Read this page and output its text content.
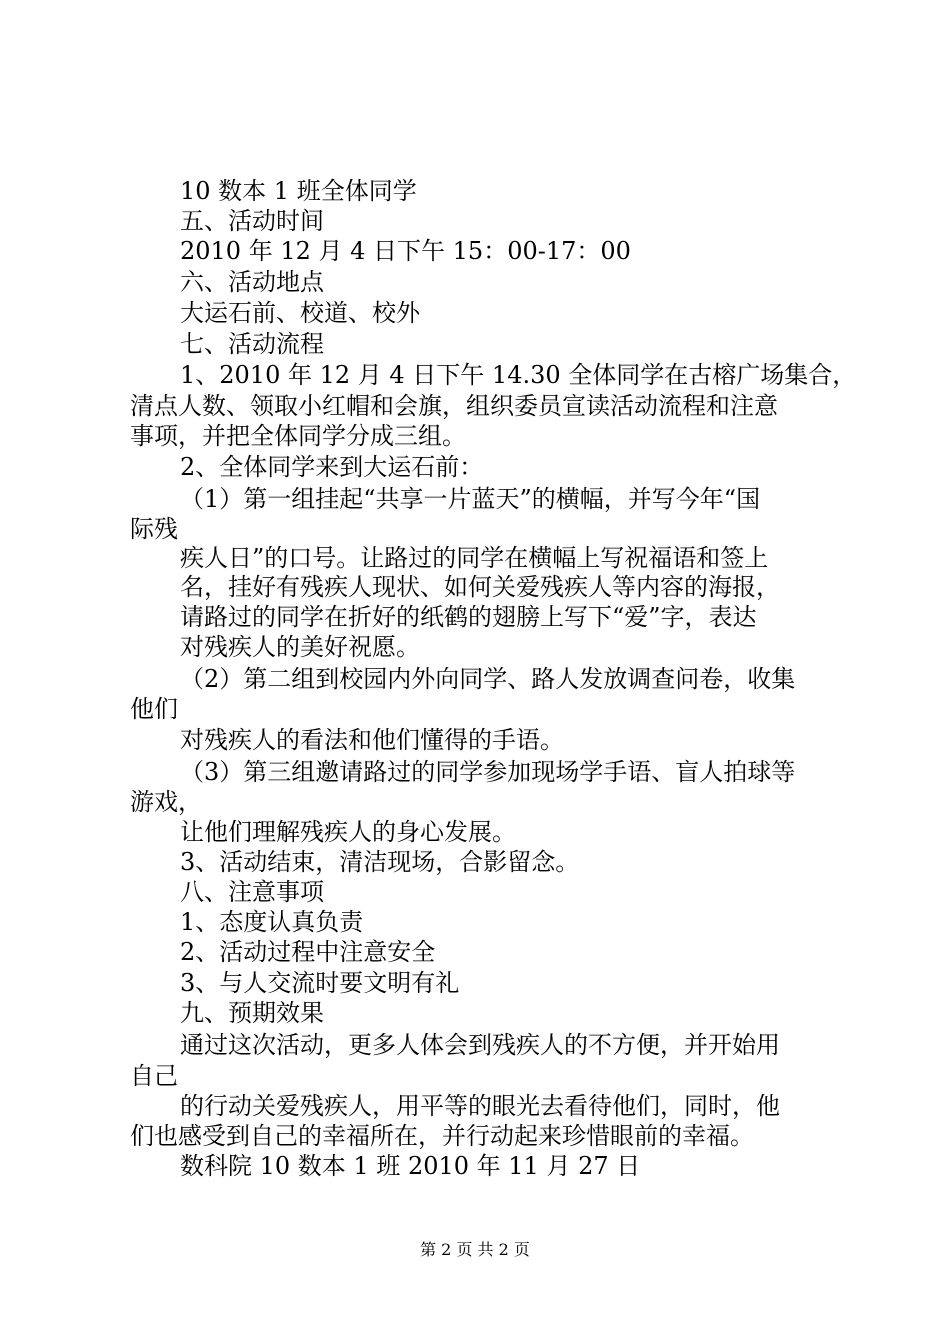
10 数本 1 班全体同学
五、活动时间
2010 年 12 月 4 日下午 15：00-17：00
六、活动地点
大运石前、校道、校外
七、活动流程
1、2010 年 12 月 4 日下午 14.30 全体同学在古榕广场集合，
清点人数、领取小红帽和会旗，组织委员宣读活动流程和注意
事项，并把全体同学分成三组。
2、全体同学来到大运石前：
（1）第一组挂起“共享一片蓝天”的横幅，并写今年“国
际残
疾人日”的口号。让路过的同学在横幅上写祝福语和签上
名，挂好有残疾人现状、如何关爱残疾人等内容的海报，
请路过的同学在折好的纸鹤的翅膀上写下“爱”字，表达
对残疾人的美好祝愿。
（2）第二组到校园内外向同学、路人发放调查问卷，收集
他们
对残疾人的看法和他们懂得的手语。
（3）第三组邀请路过的同学参加现场学手语、盲人拍球等
游戏，
让他们理解残疾人的身心发展。
3、活动结束，清洁现场，合影留念。
八、注意事项
1、态度认真负责
2、活动过程中注意安全
3、与人交流时要文明有礼
九、预期效果
通过这次活动，更多人体会到残疾人的不方便，并开始用
自己
的行动关爱残疾人，用平等的眼光去看待他们，同时，他
们也感受到自己的幸福所在，并行动起来珍惜眼前的幸福。
数科院 10 数本 1 班 2010 年 11 月 27 日
第 2 页 共 2 页
